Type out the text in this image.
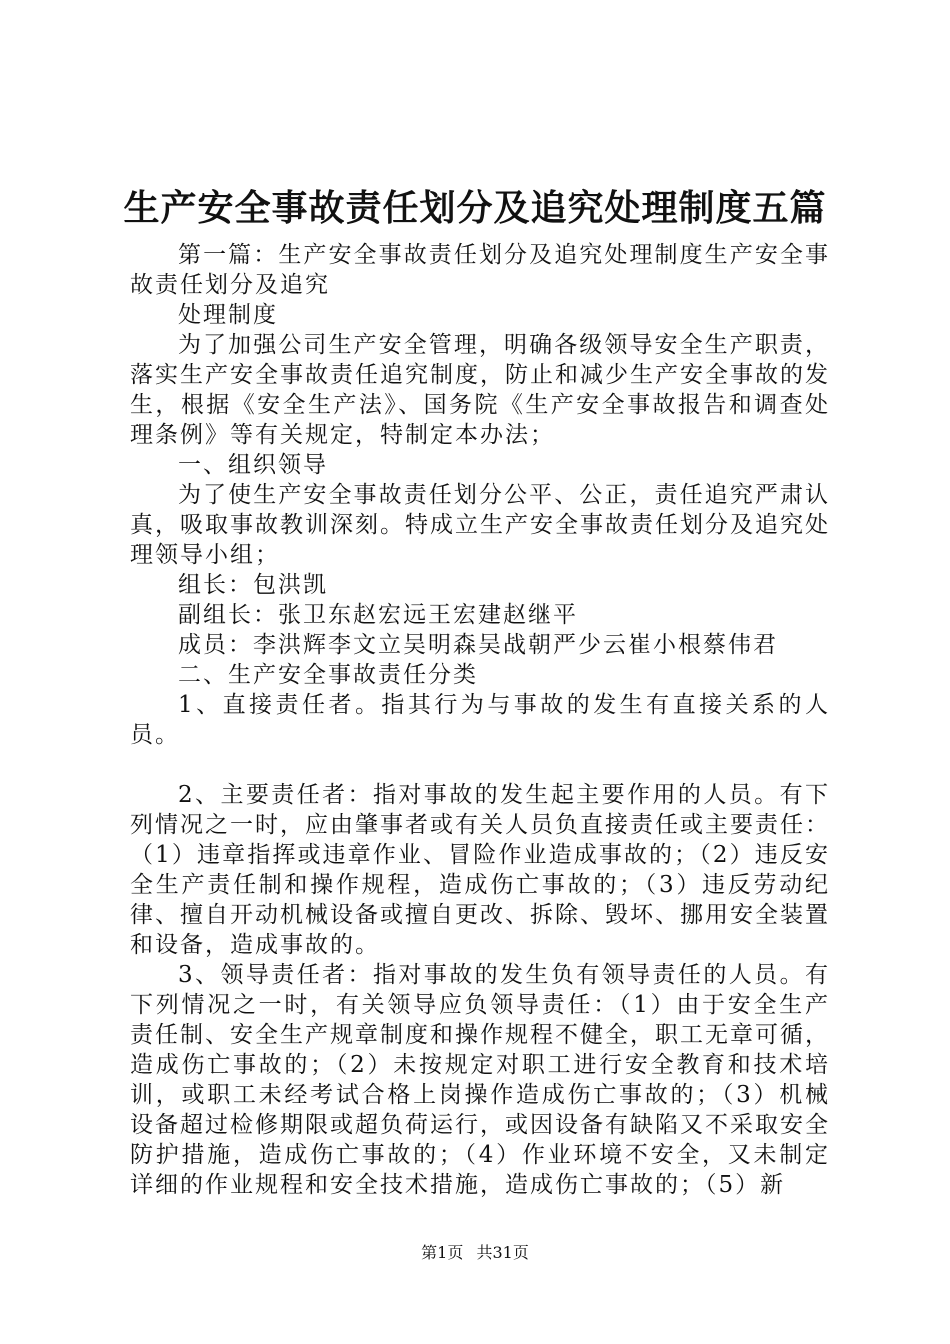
生产安全事故责任划分及追究处理制度五篇

第一篇：生产安全事故责任划分及追究处理制度生产安全事故责任划分及追究

处理制度

为了加强公司生产安全管理，明确各级领导安全生产职责，落实生产安全事故责任追究制度，防止和减少生产安全事故的发生，根据《安全生产法》、国务院《生产安全事故报告和调查处理条例》等有关规定，特制定本办法；

一、组织领导

为了使生产安全事故责任划分公平、公正，责任追究严肃认真，吸取事故教训深刻。特成立生产安全事故责任划分及追究处理领导小组；

组长：包洪凯

副组长：张卫东赵宏远王宏建赵继平

成员：李洪辉李文立吴明森吴战朝严少云崔小根蔡伟君

二、生产安全事故责任分类

1、直接责任者。指其行为与事故的发生有直接关系的人员。

2、主要责任者：指对事故的发生起主要作用的人员。有下列情况之一时，应由肇事者或有关人员负直接责任或主要责任：（1）违章指挥或违章作业、冒险作业造成事故的；（2）违反安全生产责任制和操作规程，造成伤亡事故的；（3）违反劳动纪律、擅自开动机械设备或擅自更改、拆除、毁坏、挪用安全装置和设备，造成事故的。

3、领导责任者：指对事故的发生负有领导责任的人员。有下列情况之一时，有关领导应负领导责任：（1）由于安全生产责任制、安全生产规章制度和操作规程不健全，职工无章可循，造成伤亡事故的；（2）未按规定对职工进行安全教育和技术培训，或职工未经考试合格上岗操作造成伤亡事故的；（3）机械设备超过检修期限或超负荷运行，或因设备有缺陷又不采取安全防护措施，造成伤亡事故的；（4）作业环境不安全，又未制定详细的作业规程和安全技术措施，造成伤亡事故的；（5）新

第1页 共31页
